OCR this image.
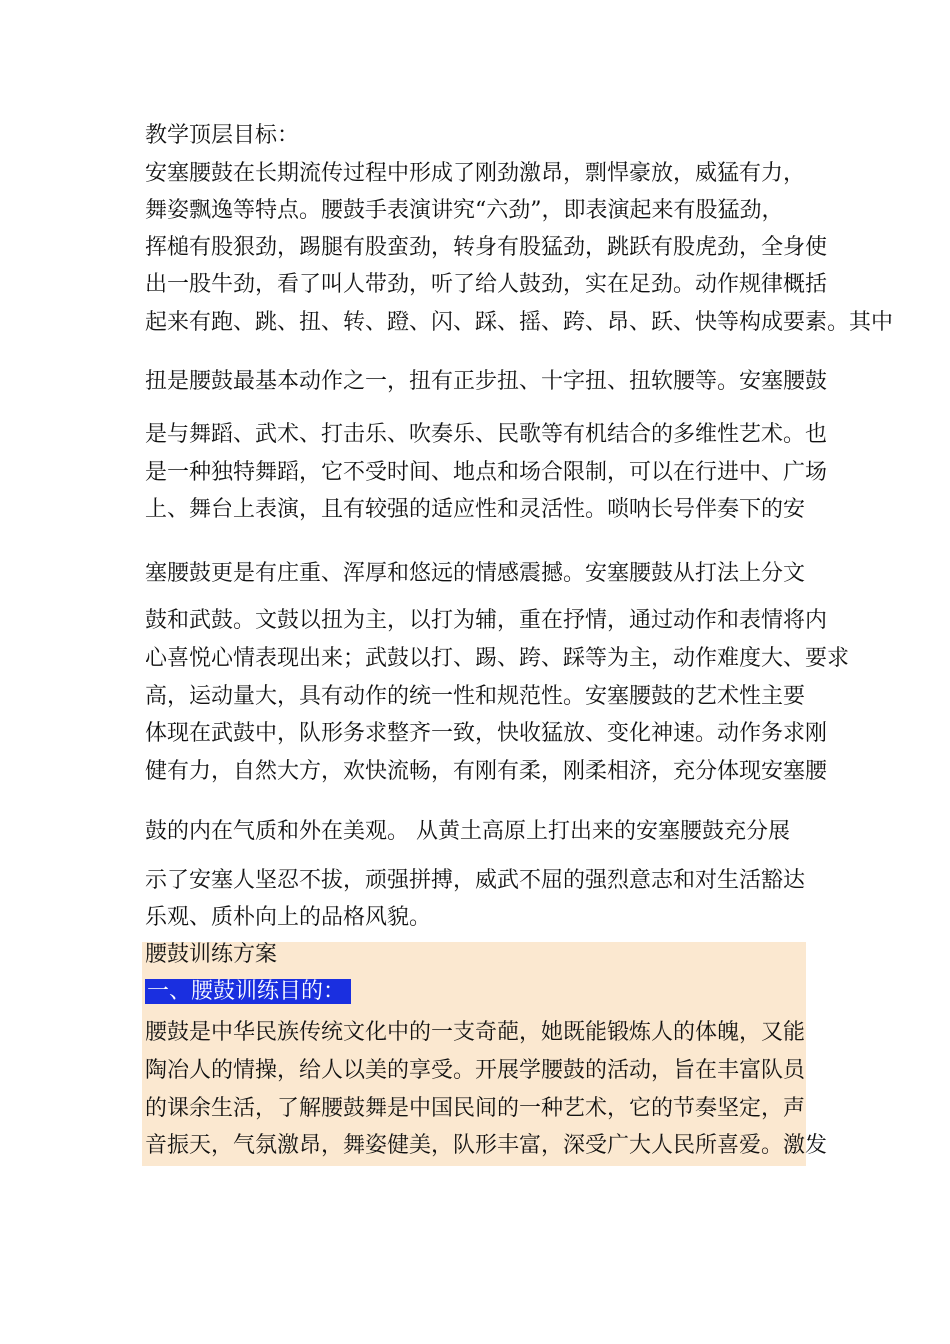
教学顶层目标：
安塞腰鼓在长期流传过程中形成了刚劲激昂，剽悍豪放，威猛有力，
舞姿飘逸等特点。腰鼓手表演讲究“六劲”，即表演起来有股猛劲，
挥槌有股狠劲，踢腿有股蛮劲，转身有股猛劲，跳跃有股虎劲，全身使
出一股牛劲，看了叫人带劲，听了给人鼓劲，实在足劲。动作规律概括
起来有跑、跳、扭、转、蹬、闪、踩、摇、跨、昂、跃、快等构成要素。其中
扭是腰鼓最基本动作之一，扭有正步扭、十字扭、扭软腰等。安塞腰鼓
是与舞蹈、武术、打击乐、吹奏乐、民歌等有机结合的多维性艺术。也
是一种独特舞蹈，它不受时间、地点和场合限制，可以在行进中、广场
上、舞台上表演，且有较强的适应性和灵活性。唢呐长号伴奏下的安
塞腰鼓更是有庄重、浑厚和悠远的情感震撼。安塞腰鼓从打法上分文
鼓和武鼓。文鼓以扭为主，以打为辅，重在抒情，通过动作和表情将内
心喜悦心情表现出来；武鼓以打、踢、跨、踩等为主，动作难度大、要求
高，运动量大，具有动作的统一性和规范性。安塞腰鼓的艺术性主要
体现在武鼓中，队形务求整齐一致，快收猛放、变化神速。动作务求刚
健有力，自然大方，欢快流畅，有刚有柔，刚柔相济，充分体现安塞腰
鼓的内在气质和外在美观。 从黄土高原上打出来的安塞腰鼓充分展
示了安塞人坚忍不拔，顽强拼搏，威武不屈的强烈意志和对生活豁达
乐观、质朴向上的品格风貌。
腰鼓训练方案
一、腰鼓训练目的：
腰鼓是中华民族传统文化中的一支奇葩，她既能锻炼人的体魄，又能
陶冶人的情操，给人以美的享受。开展学腰鼓的活动，旨在丰富队员
的课余生活，了解腰鼓舞是中国民间的一种艺术，它的节奏坚定，声
音振天，气氛激昂，舞姿健美，队形丰富，深受广大人民所喜爱。激发
